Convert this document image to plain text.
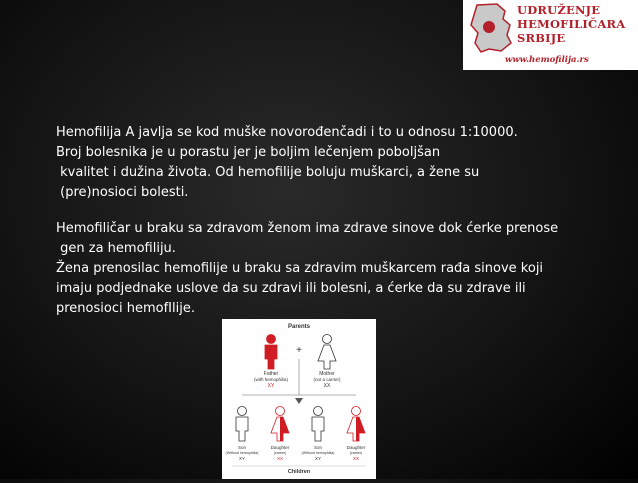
UDRUŽENJE
HEMOFILIČARA
SRBIJE
www.hemofilija.rs
Hemofilija A javlja se kod muške novorođenčadi i to u odnosu 1:10000.
Broj bolesnika je u porastu jer je boljim lečenjem poboljšan
kvalitet i dužina života. Od hemofilije boluju muškarci, a žene su
(pre)nosioci bolesti.
Hemofiličar u braku sa zdravom ženom ima zdrave sinove dok ćerke prenose
gen za hemofiliju.
Žena prenosilac hemofilije u braku sa zdravim muškarcem rađa sinove koji
imaju podjednake uslove da su zdravi ili bolesni, a ćerke da su zdrave ili
prenosioci hemofIlije.
Parents
Father
(with hemophilia)
XY
+
Mother
(not a carrier)
XX
Son
(Without hemophilia)
XY
Daughter
(carrier)
XX
Son
(Without hemophilia)
XY
Daughter
(carrier)
XX
Children
